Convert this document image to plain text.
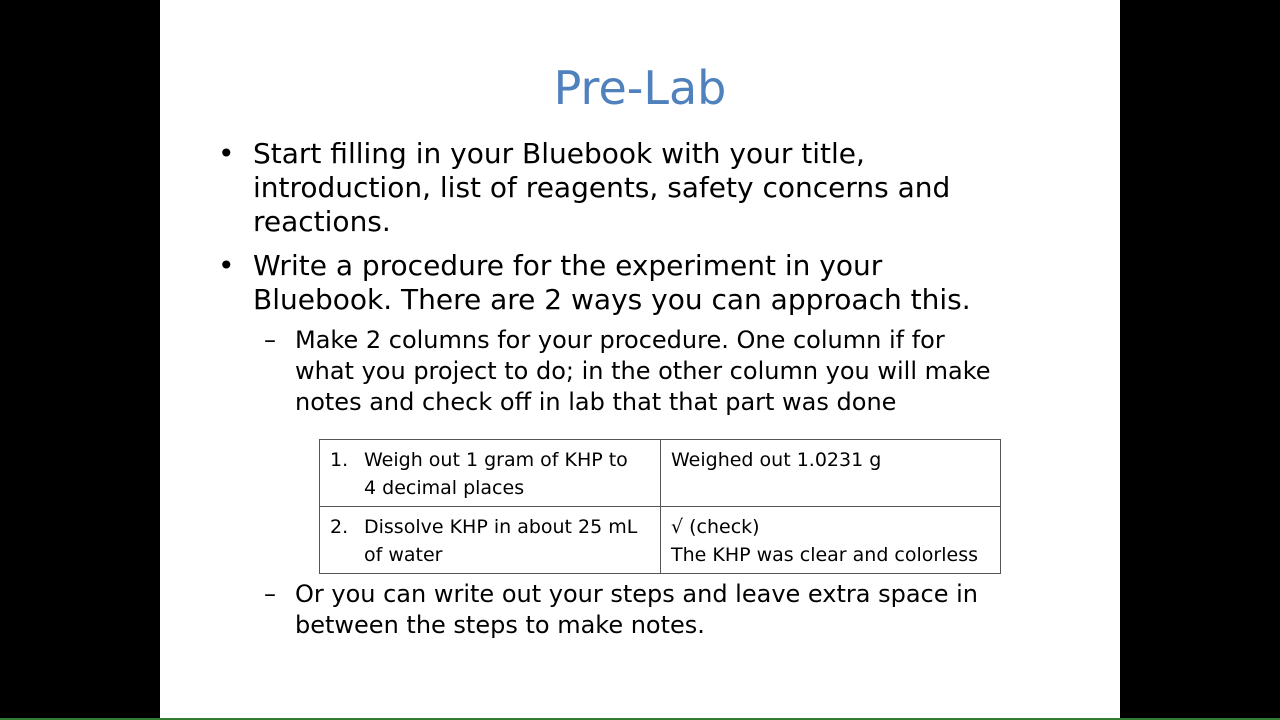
Pre-Lab
• Start filling in your Bluebook with your title,
introduction, list of reagents, safety concerns and
reactions.
• Write a procedure for the experiment in your
Bluebook. There are 2 ways you can approach this.
– Make 2 columns for your procedure. One column if for
what you project to do; in the other column you will make
notes and check off in lab that that part was done
1. Weigh out 1 gram of KHP to
4 decimal places	Weighed out 1.0231 g

2. Dissolve KHP in about 25 mL
of water	√ (check)
The KHP was clear and colorless
– Or you can write out your steps and leave extra space in
between the steps to make notes.
